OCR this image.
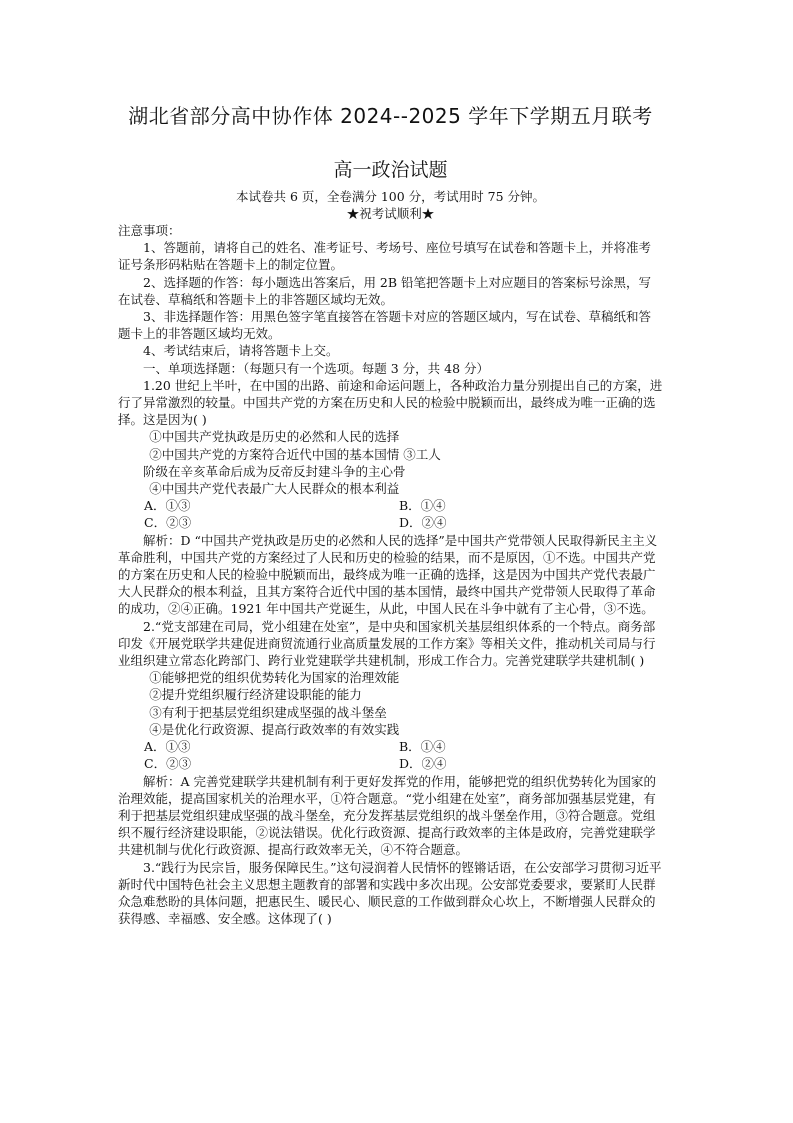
湖北省部分高中协作体 2024--2025 学年下学期五月联考
高一政治试题
本试卷共 6 页，全卷满分 100 分，考试用时 75 分钟。
★祝考试顺利★
注意事项：
1、答题前，请将自己的姓名、准考证号、考场号、座位号填写在试卷和答题卡上，并将准考证号条形码粘贴在答题卡上的制定位置。
2、选择题的作答：每小题选出答案后，用 2B 铅笔把答题卡上对应题目的答案标号涂黑，写在试卷、草稿纸和答题卡上的非答题区域均无效。
3、非选择题作答：用黑色签字笔直接答在答题卡对应的答题区域内，写在试卷、草稿纸和答题卡上的非答题区域均无效。
4、考试结束后，请将答题卡上交。
一、单项选择题：（每题只有一个选项。每题 3 分，共 48 分）
1.20 世纪上半叶，在中国的出路、前途和命运问题上，各种政治力量分别提出自己的方案，进行了异常激烈的较量。中国共产党的方案在历史和人民的检验中脱颖而出，最终成为唯一正确的选择。这是因为( )
①中国共产党执政是历史的必然和人民的选择
②中国共产党的方案符合近代中国的基本国情 ③工人
阶级在辛亥革命后成为反帝反封建斗争的主心骨
④中国共产党代表最广大人民群众的根本利益
A．①③	B．①④
C．②③	D．②④
解析：D “中国共产党执政是历史的必然和人民的选择”是中国共产党带领人民取得新民主主义革命胜利，中国共产党的方案经过了人民和历史的检验的结果，而不是原因，①不选。中国共产党的方案在历史和人民的检验中脱颖而出，最终成为唯一正确的选择，这是因为中国共产党代表最广大人民群众的根本利益，且其方案符合近代中国的基本国情，最终中国共产党带领人民取得了革命的成功，②④正确。1921 年中国共产党诞生，从此，中国人民在斗争中就有了主心骨，③不选。
2.“党支部建在司局，党小组建在处室”，是中央和国家机关基层组织体系的一个特点。商务部印发《开展党联学共建促进商贸流通行业高质量发展的工作方案》等相关文件，推动机关司局与行业组织建立常态化跨部门、跨行业党建联学共建机制，形成工作合力。完善党建联学共建机制( )
①能够把党的组织优势转化为国家的治理效能
②提升党组织履行经济建设职能的能力
③有利于把基层党组织建成坚强的战斗堡垒
④是优化行政资源、提高行政效率的有效实践
A．①③	B．①④
C．②③	D．②④
解析：A 完善党建联学共建机制有利于更好发挥党的作用，能够把党的组织优势转化为国家的治理效能，提高国家机关的治理水平，①符合题意。“党小组建在处室”，商务部加强基层党建，有利于把基层党组织建成坚强的战斗堡垒，充分发挥基层党组织的战斗堡垒作用，③符合题意。党组织不履行经济建设职能，②说法错误。优化行政资源、提高行政效率的主体是政府，完善党建联学共建机制与优化行政资源、提高行政效率无关，④不符合题意。
3.“践行为民宗旨，服务保障民生。”这句浸润着人民情怀的铿锵话语，在公安部学习贯彻习近平新时代中国特色社会主义思想主题教育的部署和实践中多次出现。公安部党委要求，要紧盯人民群众急难愁盼的具体问题，把惠民生、暖民心、顺民意的工作做到群众心坎上，不断增强人民群众的获得感、幸福感、安全感。这体现了( )
